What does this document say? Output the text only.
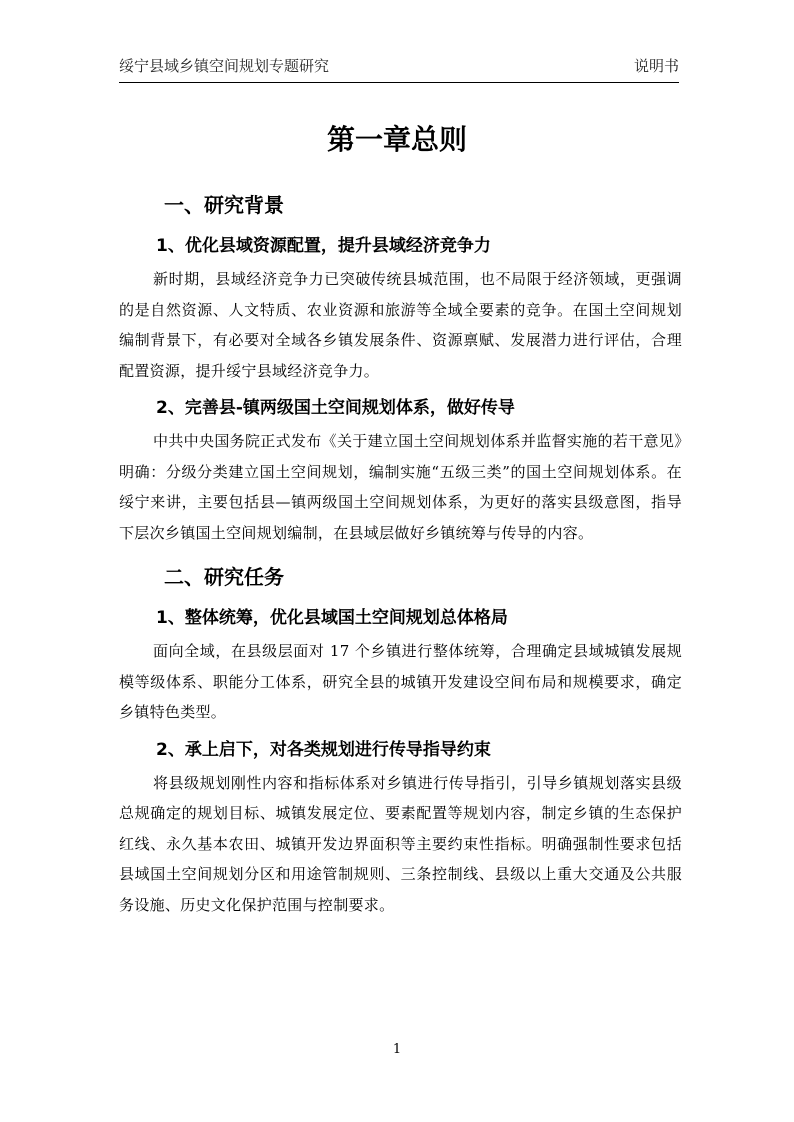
绥宁县域乡镇空间规划专题研究	说明书
第一章总则
一、研究背景
1、优化县域资源配置，提升县域经济竞争力

新时期，县域经济竞争力已突破传统县城范围，也不局限于经济领域，更强调的是自然资源、人文特质、农业资源和旅游等全域全要素的竞争。在国土空间规划编制背景下，有必要对全域各乡镇发展条件、资源禀赋、发展潜力进行评估，合理配置资源，提升绥宁县域经济竞争力。

2、完善县-镇两级国土空间规划体系，做好传导

中共中央国务院正式发布《关于建立国土空间规划体系并监督实施的若干意见》明确：分级分类建立国土空间规划，编制实施“五级三类”的国土空间规划体系。在绥宁来讲，主要包括县—镇两级国土空间规划体系，为更好的落实县级意图，指导下层次乡镇国土空间规划编制，在县域层做好乡镇统筹与传导的内容。

二、研究任务
1、整体统筹，优化县域国土空间规划总体格局

面向全域，在县级层面对 17 个乡镇进行整体统筹，合理确定县域城镇发展规模等级体系、职能分工体系，研究全县的城镇开发建设空间布局和规模要求，确定乡镇特色类型。

2、承上启下，对各类规划进行传导指导约束

将县级规划刚性内容和指标体系对乡镇进行传导指引，引导乡镇规划落实县级总规确定的规划目标、城镇发展定位、要素配置等规划内容，制定乡镇的生态保护红线、永久基本农田、城镇开发边界面积等主要约束性指标。明确强制性要求包括县域国土空间规划分区和用途管制规则、三条控制线、县级以上重大交通及公共服务设施、历史文化保护范围与控制要求。

1
